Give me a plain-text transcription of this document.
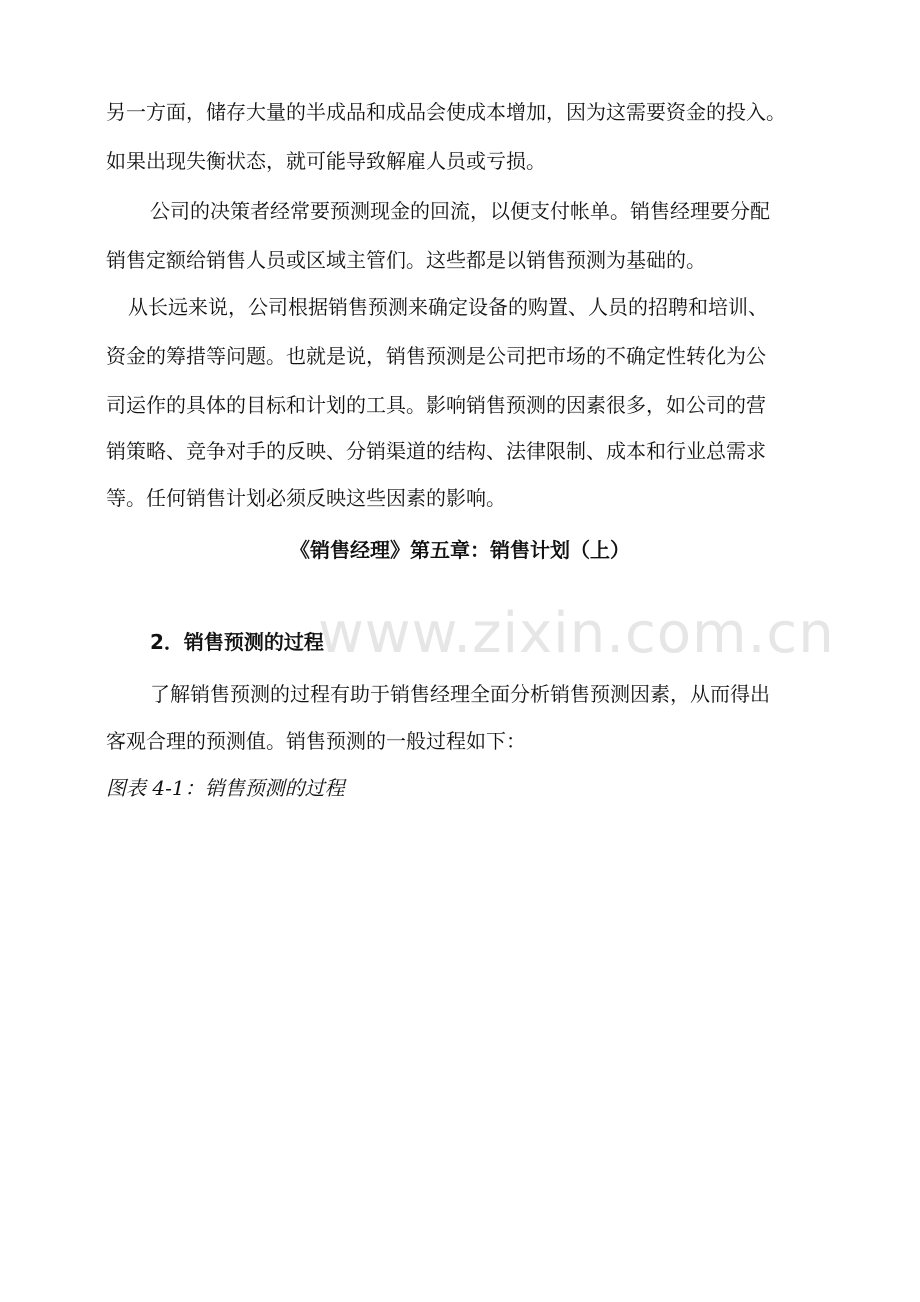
另一方面，储存大量的半成品和成品会使成本增加，因为这需要资金的投入。
如果出现失衡状态，就可能导致解雇人员或亏损。
公司的决策者经常要预测现金的回流，以便支付帐单。销售经理要分配
销售定额给销售人员或区域主管们。这些都是以销售预测为基础的。
从长远来说，公司根据销售预测来确定设备的购置、人员的招聘和培训、
资金的筹措等问题。也就是说，销售预测是公司把市场的不确定性转化为公
司运作的具体的目标和计划的工具。影响销售预测的因素很多，如公司的营
销策略、竞争对手的反映、分销渠道的结构、法律限制、成本和行业总需求
等。任何销售计划必须反映这些因素的影响。
《销售经理》第五章：销售计划（上）
www.zixin.com.cn
2．销售预测的过程
了解销售预测的过程有助于销售经理全面分析销售预测因素，从而得出
客观合理的预测值。销售预测的一般过程如下：
图表 4-1：销售预测的过程
